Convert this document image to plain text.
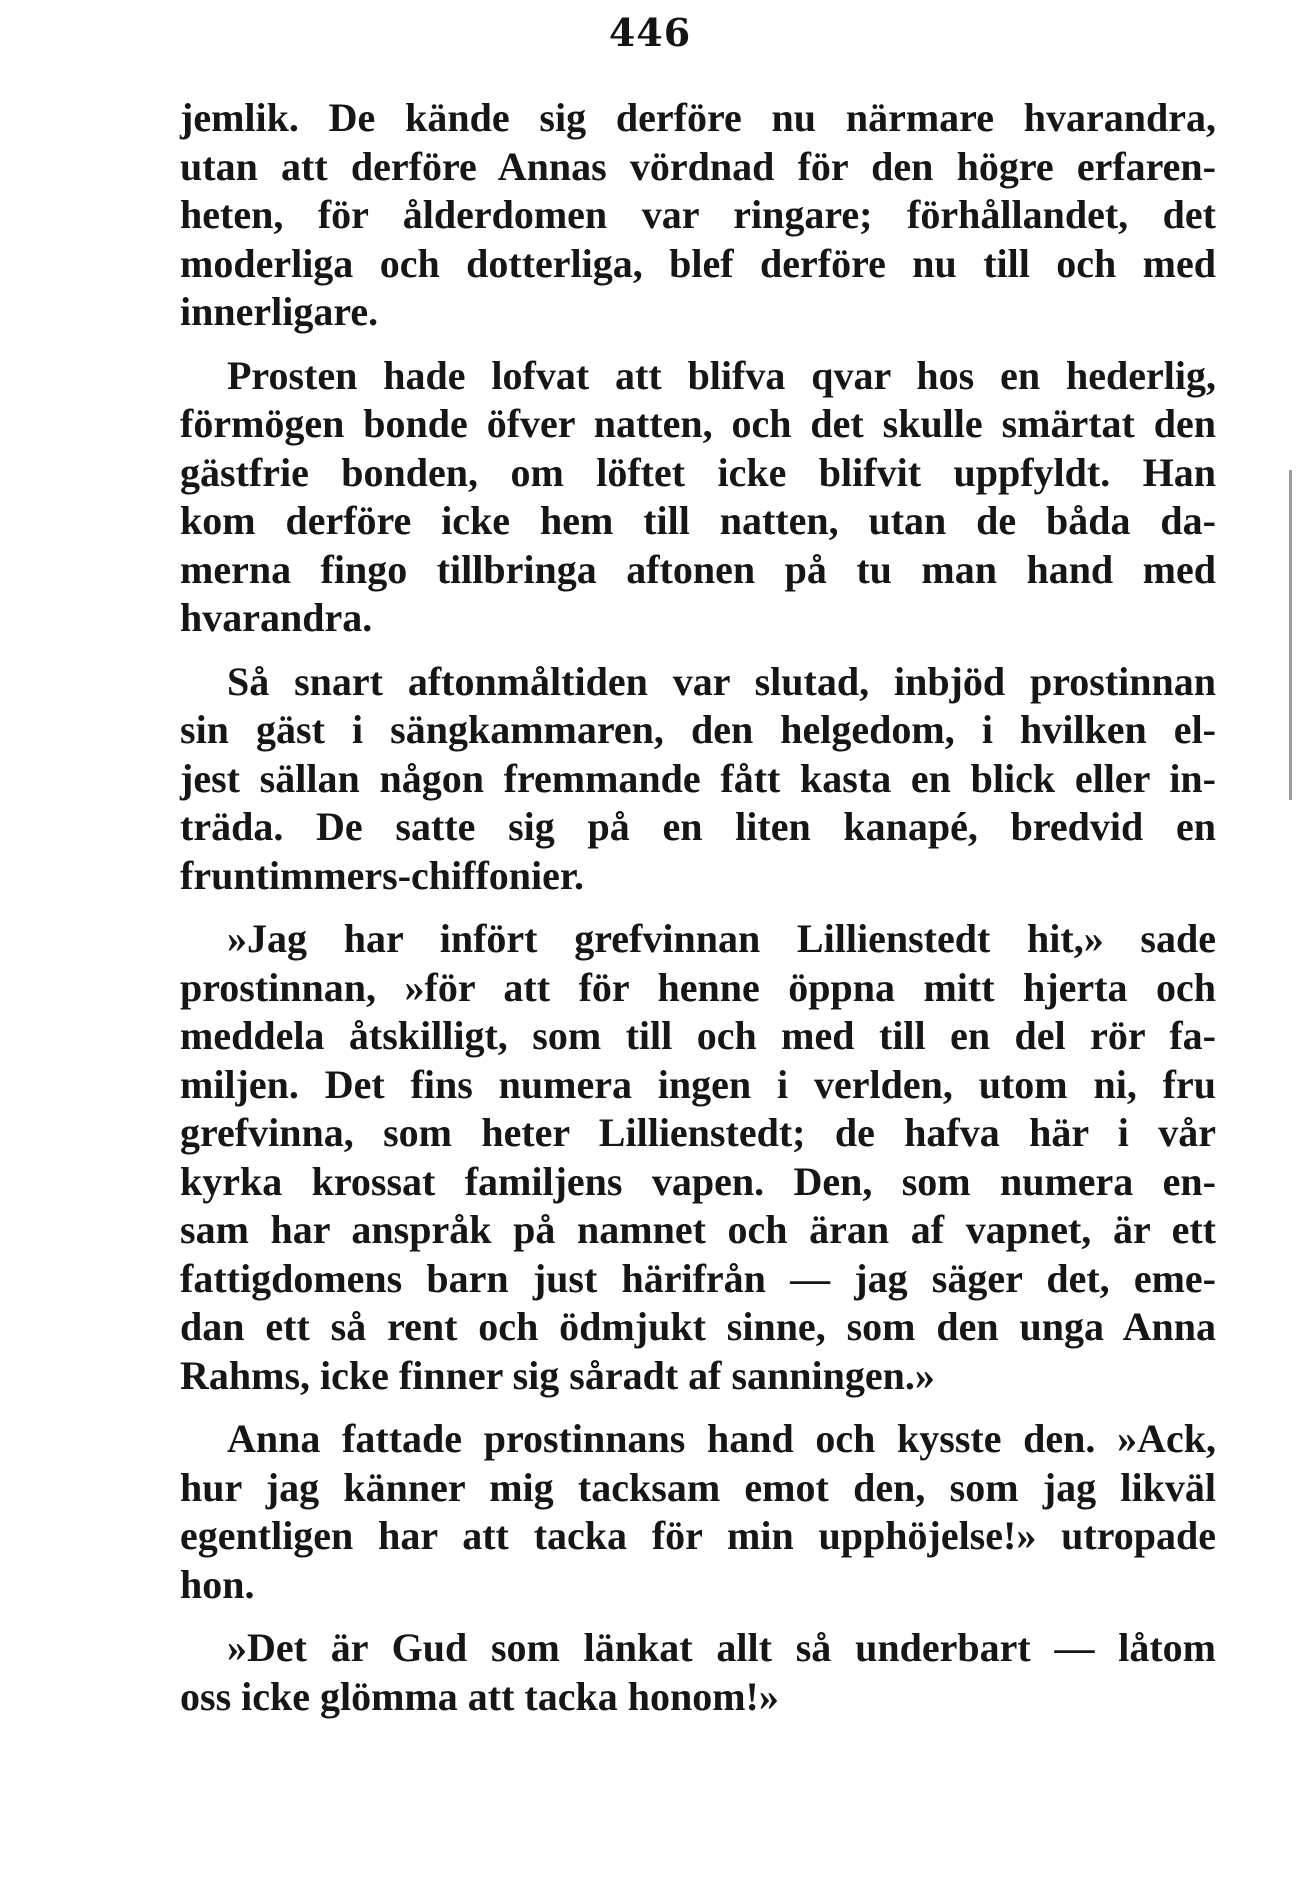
446
jemlik. De kände sig derföre nu närmare hvarandra,
utan att derföre Annas vördnad för den högre erfaren-
heten, för ålderdomen var ringare; förhållandet, det
moderliga och dotterliga, blef derföre nu till och med
innerligare.
Prosten hade lofvat att blifva qvar hos en hederlig,
förmögen bonde öfver natten, och det skulle smärtat den
gästfrie bonden, om löftet icke blifvit uppfyldt. Han
kom derföre icke hem till natten, utan de båda da-
merna fingo tillbringa aftonen på tu man hand med
hvarandra.
Så snart aftonmåltiden var slutad, inbjöd prostinnan
sin gäst i sängkammaren, den helgedom, i hvilken el-
jest sällan någon fremmande fått kasta en blick eller in-
träda. De satte sig på en liten kanapé, bredvid en
fruntimmers-chiffonier.
»Jag har infört grefvinnan Lillienstedt hit,» sade
prostinnan, »för att för henne öppna mitt hjerta och
meddela åtskilligt, som till och med till en del rör fa-
miljen. Det fins numera ingen i verlden, utom ni, fru
grefvinna, som heter Lillienstedt; de hafva här i vår
kyrka krossat familjens vapen. Den, som numera en-
sam har anspråk på namnet och äran af vapnet, är ett
fattigdomens barn just härifrån — jag säger det, eme-
dan ett så rent och ödmjukt sinne, som den unga Anna
Rahms, icke finner sig såradt af sanningen.»
Anna fattade prostinnans hand och kysste den. »Ack,
hur jag känner mig tacksam emot den, som jag likväl
egentligen har att tacka för min upphöjelse!» utropade
hon.
»Det är Gud som länkat allt så underbart — låtom
oss icke glömma att tacka honom!»
